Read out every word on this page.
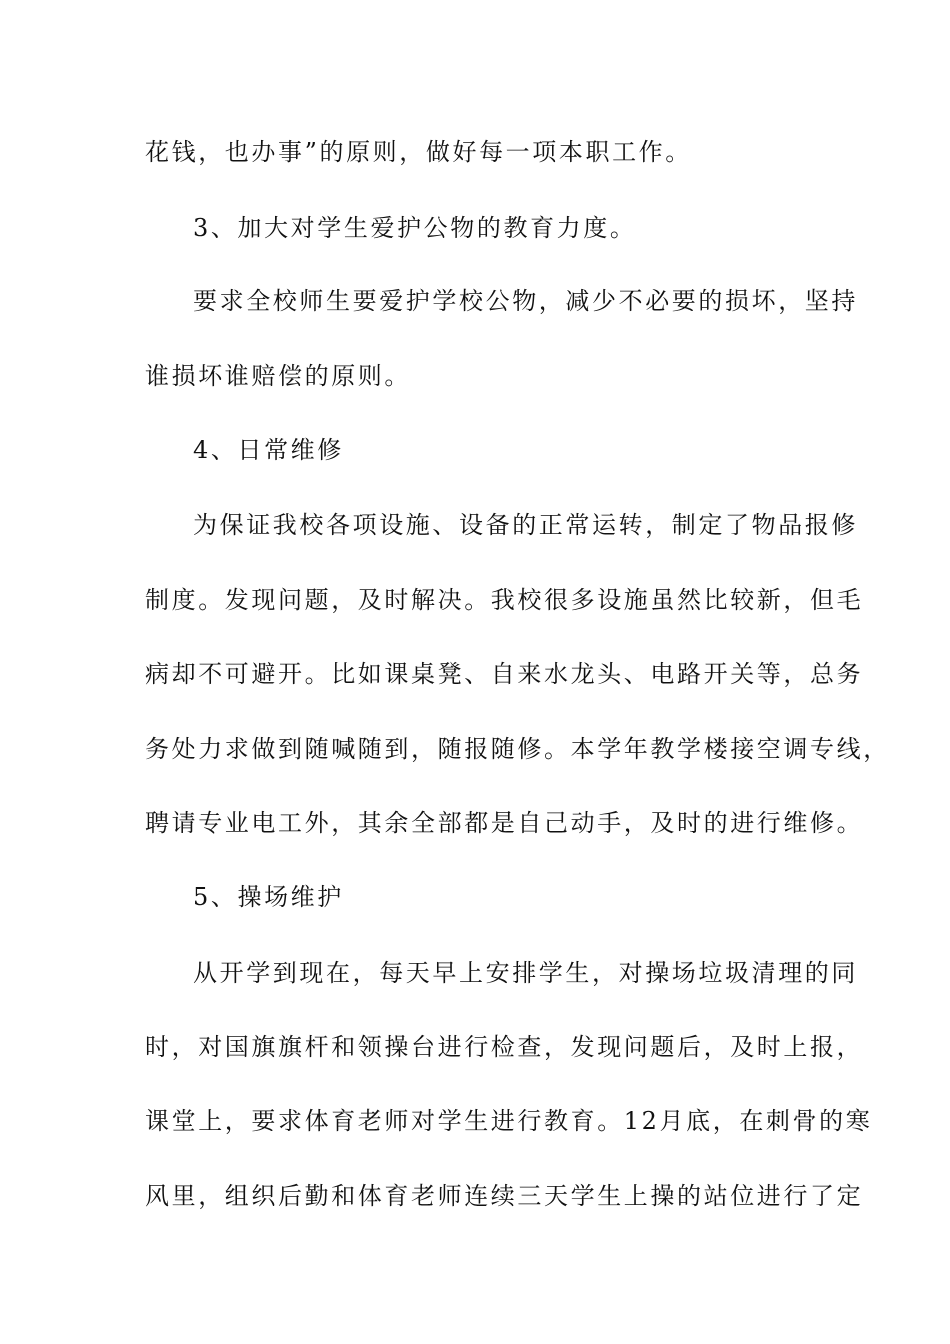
花钱，也办事”的原则，做好每一项本职工作。
3、加大对学生爱护公物的教育力度。
要求全校师生要爱护学校公物，减少不必要的损坏，坚持
谁损坏谁赔偿的原则。
4、日常维修
为保证我校各项设施、设备的正常运转，制定了物品报修
制度。发现问题，及时解决。我校很多设施虽然比较新，但毛
病却不可避开。比如课桌凳、自来水龙头、电路开关等，总务
务处力求做到随喊随到，随报随修。本学年教学楼接空调专线，
聘请专业电工外，其余全部都是自己动手，及时的进行维修。
5、操场维护
从开学到现在，每天早上安排学生，对操场垃圾清理的同
时，对国旗旗杆和领操台进行检查，发现问题后，及时上报，
课堂上，要求体育老师对学生进行教育。12月底，在刺骨的寒
风里，组织后勤和体育老师连续三天学生上操的站位进行了定
